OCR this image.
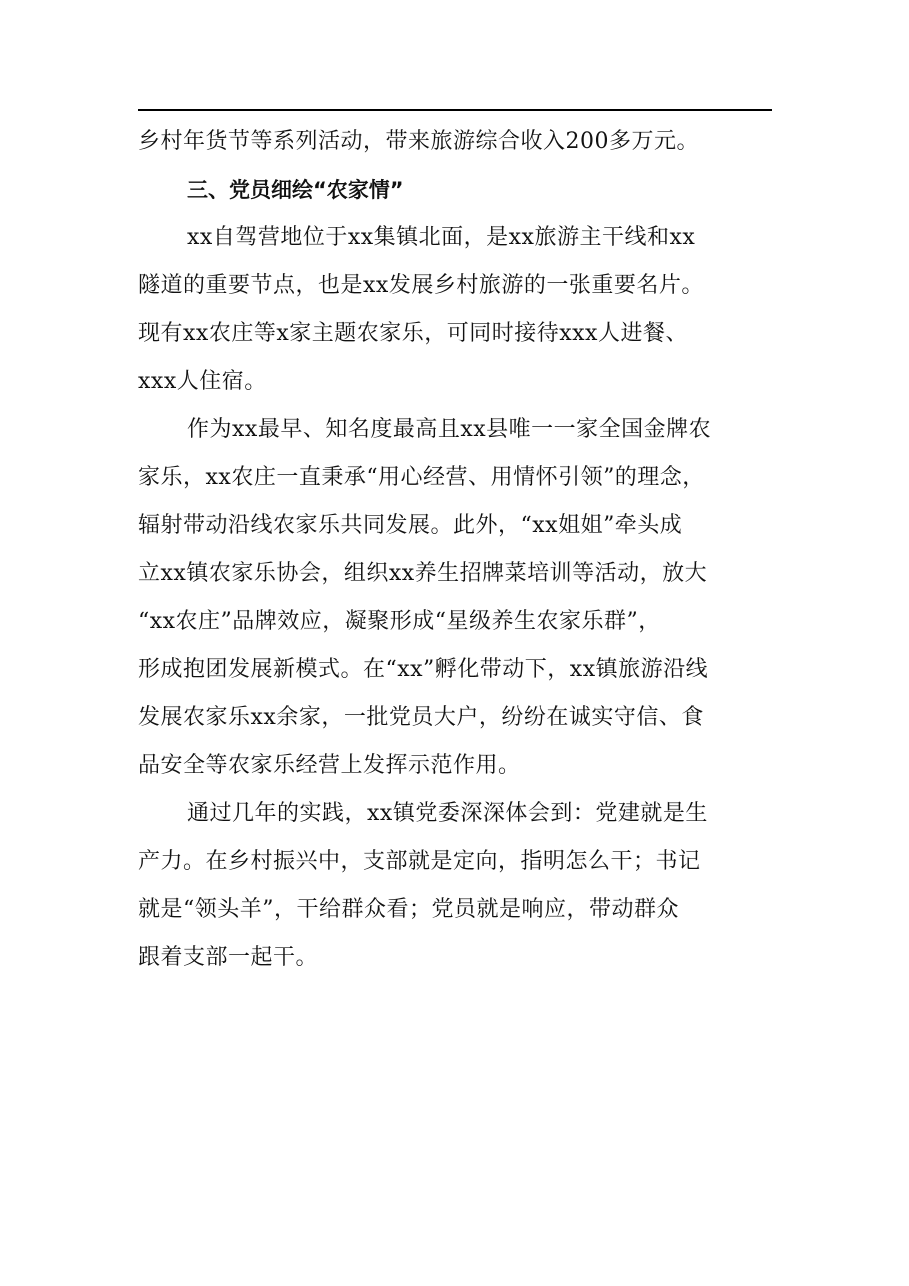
乡村年货节等系列活动，带来旅游综合收入200多万元。
三、党员细绘“农家情”
xx自驾营地位于xx集镇北面，是xx旅游主干线和xx
隧道的重要节点，也是xx发展乡村旅游的一张重要名片。
现有xx农庄等x家主题农家乐，可同时接待xxx人进餐、
xxx人住宿。
作为xx最早、知名度最高且xx县唯一一家全国金牌农
家乐，xx农庄一直秉承“用心经营、用情怀引领”的理念，
辐射带动沿线农家乐共同发展。此外，“xx姐姐”牵头成
立xx镇农家乐协会，组织xx养生招牌菜培训等活动，放大
“xx农庄”品牌效应，凝聚形成“星级养生农家乐群”，
形成抱团发展新模式。在“xx”孵化带动下，xx镇旅游沿线
发展农家乐xx余家，一批党员大户，纷纷在诚实守信、食
品安全等农家乐经营上发挥示范作用。
通过几年的实践，xx镇党委深深体会到：党建就是生
产力。在乡村振兴中，支部就是定向，指明怎么干；书记
就是“领头羊”，干给群众看；党员就是响应，带动群众
跟着支部一起干。
